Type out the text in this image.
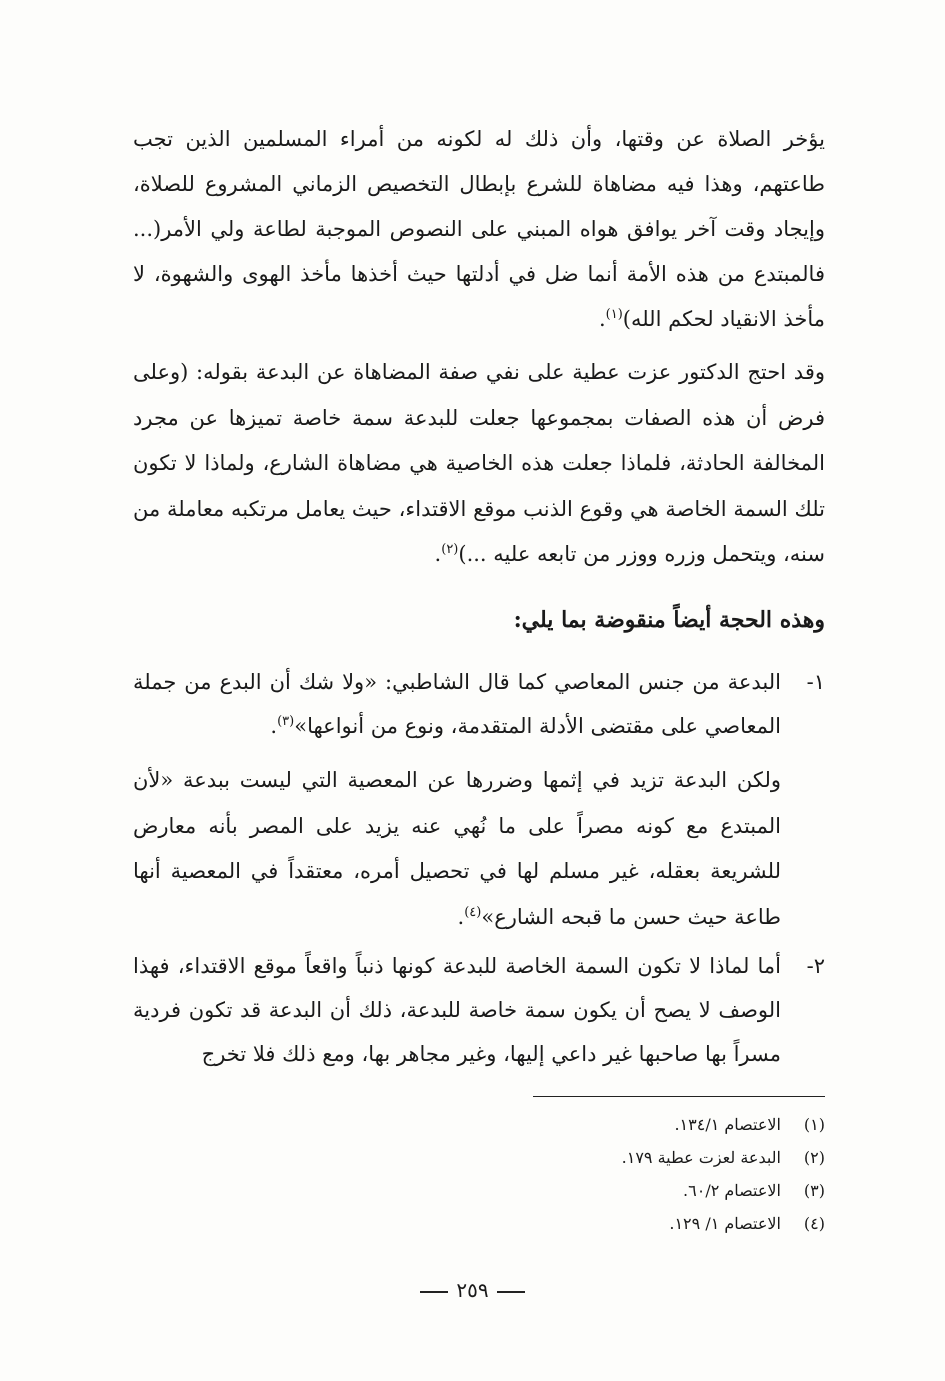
يؤخر الصلاة عن وقتها، وأن ذلك له لكونه من أمراء المسلمين الذين تجب طاعتهم، وهذا فيه مضاهاة للشرع بإبطال التخصيص الزماني المشروع للصلاة، وإيجاد وقت آخر يوافق هواه المبني على النصوص الموجبة لطاعة ولي الأمر(... فالمبتدع من هذه الأمة أنما ضل في أدلتها حيث أخذها مأخذ الهوى والشهوة، لا مأخذ الانقياد لحكم الله)$^{(١)}$.
وقد احتج الدكتور عزت عطية على نفي صفة المضاهاة عن البدعة بقوله: (وعلى فرض أن هذه الصفات بمجموعها جعلت للبدعة سمة خاصة تميزها عن مجرد المخالفة الحادثة، فلماذا جعلت هذه الخاصية هي مضاهاة الشارع، ولماذا لا تكون تلك السمة الخاصة هي وقوع الذنب موقع الاقتداء، حيث يعامل مرتكبه معاملة من سنه، ويتحمل وزره ووزر من تابعه عليه ...)$^{(٢)}$.
وهذه الحجة أيضاً منقوضة بما يلي:
١-
البدعة من جنس المعاصي كما قال الشاطبي: «ولا شك أن البدع من جملة المعاصي على مقتضى الأدلة المتقدمة، ونوع من أنواعها»$^{(٣)}$.
ولكن البدعة تزيد في إثمها وضررها عن المعصية التي ليست ببدعة «لأن المبتدع مع كونه مصراً على ما نُهي عنه يزيد على المصر بأنه معارض للشريعة بعقله، غير مسلم لها في تحصيل أمره، معتقداً في المعصية أنها طاعة حيث حسن ما قبحه الشارع»$^{(٤)}$.
٢-
أما لماذا لا تكون السمة الخاصة للبدعة كونها ذنباً واقعاً موقع الاقتداء، فهذا الوصف لا يصح أن يكون سمة خاصة للبدعة، ذلك أن البدعة قد تكون فردية مسراً بها صاحبها غير داعي إليها، وغير مجاهر بها، ومع ذلك فلا تخرج
(١)الاعتصام ١٣٤/١.
(٢)البدعة لعزت عطية ١٧٩.
(٣)الاعتصام ٦٠/٢.
(٤)الاعتصام ١/ ١٢٩.
٢٥٩
